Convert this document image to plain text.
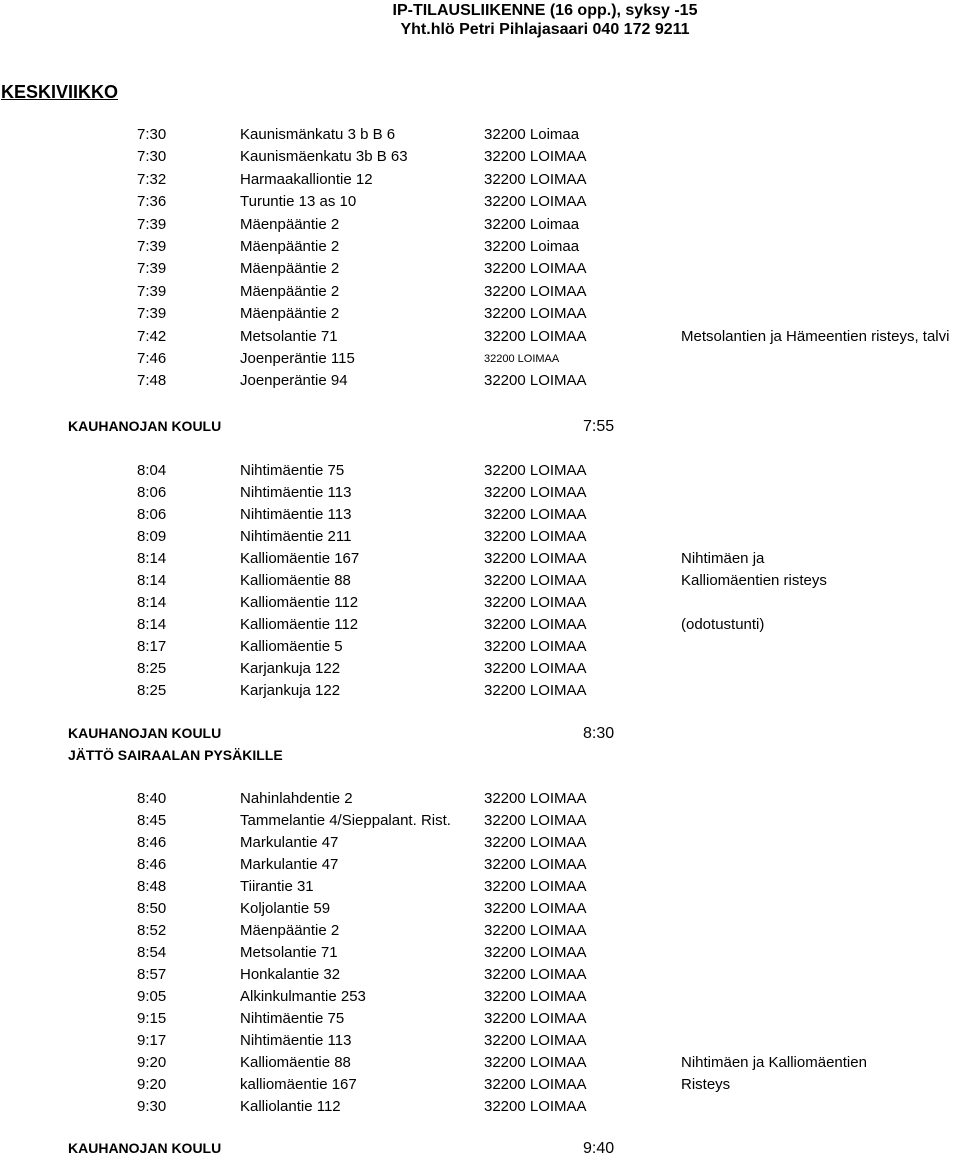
IP-TILAUSLIIKENNE (16 opp.), syksy -15
Yht.hlö Petri Pihlajasaari 040 172 9211
KESKIVIIKKO
7:30	Kaunismänkatu 3 b B 6	32200 Loimaa
7:30	Kaunismäenkatu 3b B 63	32200 LOIMAA
7:32	Harmaakalliontie 12	32200 LOIMAA
7:36	Turuntie 13 as 10	32200 LOIMAA
7:39	Mäenpääntie 2	32200 Loimaa
7:39	Mäenpääntie 2	32200 Loimaa
7:39	Mäenpääntie 2	32200 LOIMAA
7:39	Mäenpääntie 2	32200 LOIMAA
7:39	Mäenpääntie 2	32200 LOIMAA
7:42	Metsolantie 71	32200 LOIMAA	Metsolantien ja Hämeentien risteys, talvi
7:46	Joenperäntie 115	32200 LOIMAA
7:48	Joenperäntie 94	32200 LOIMAA
KAUHANOJAN KOULU	7:55
8:04	Nihtimäentie 75	32200 LOIMAA
8:06	Nihtimäentie 113	32200 LOIMAA
8:06	Nihtimäentie 113	32200 LOIMAA
8:09	Nihtimäentie 211	32200 LOIMAA
8:14	Kalliomäentie 167	32200 LOIMAA	Nihtimäen ja
8:14	Kalliomäentie 88	32200 LOIMAA	Kalliomäentien risteys
8:14	Kalliomäentie 112	32200 LOIMAA
8:14	Kalliomäentie 112	32200 LOIMAA	(odotustunti)
8:17	Kalliomäentie 5	32200 LOIMAA
8:25	Karjankuja 122	32200 LOIMAA
8:25	Karjankuja 122	32200 LOIMAA
KAUHANOJAN KOULU	8:30
JÄTTÖ SAIRAALAN PYSÄKILLE
8:40	Nahinlahdentie 2	32200 LOIMAA
8:45	Tammelantie 4/Sieppalant. Rist. 32200 LOIMAA
8:46	Markulantie 47	32200 LOIMAA
8:46	Markulantie 47	32200 LOIMAA
8:48	Tiirantie 31	32200 LOIMAA
8:50	Koljolantie 59	32200 LOIMAA
8:52	Mäenpääntie 2	32200 LOIMAA
8:54	Metsolantie 71	32200 LOIMAA
8:57	Honkalantie 32	32200 LOIMAA
9:05	Alkinkulmantie 253	32200 LOIMAA
9:15	Nihtimäentie 75	32200 LOIMAA
9:17	Nihtimäentie 113	32200 LOIMAA
9:20	Kalliomäentie 88	32200 LOIMAA	Nihtimäen ja Kalliomäentien
9:20	kalliomäentie 167	32200 LOIMAA	Risteys
9:30	Kalliolantie 112	32200 LOIMAA
KAUHANOJAN KOULU	9:40
